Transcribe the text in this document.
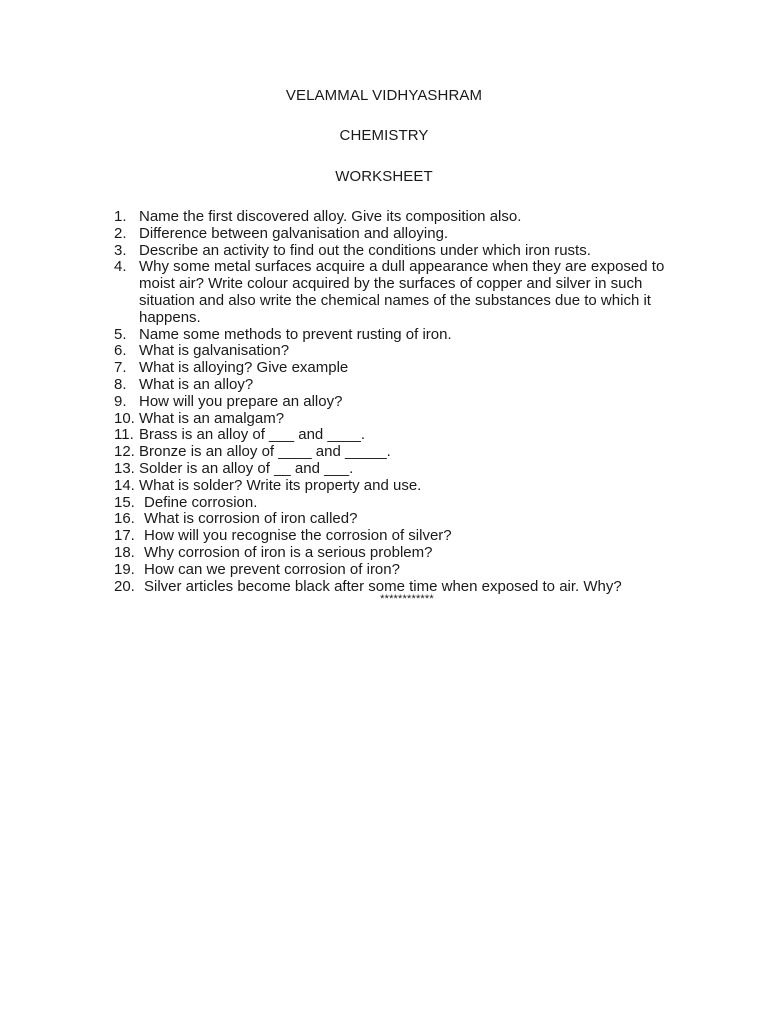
VELAMMAL VIDHYASHRAM
CHEMISTRY
WORKSHEET
1. Name the first discovered alloy. Give its composition also.
2. Difference between galvanisation and alloying.
3. Describe an activity to find out the conditions under which iron rusts.
4. Why some metal surfaces acquire a dull appearance when they are exposed to moist air? Write colour acquired by the surfaces of copper and silver in such situation and also write the chemical names of the substances due to which it happens.
5. Name some methods to prevent rusting of iron.
6. What is galvanisation?
7. What is alloying? Give example
8. What is an alloy?
9. How will you prepare an alloy?
10. What is an amalgam?
11. Brass is an alloy of ___ and ____.
12. Bronze is an alloy of ____ and _____.
13. Solder is an alloy of __ and ___.
14. What is solder? Write its property and use.
15. Define corrosion.
16. What is corrosion of iron called?
17. How will you recognise the corrosion of silver?
18. Why corrosion of iron is a serious problem?
19. How can we prevent corrosion of iron?
20. Silver articles become black after some time when exposed to air. Why?
************
